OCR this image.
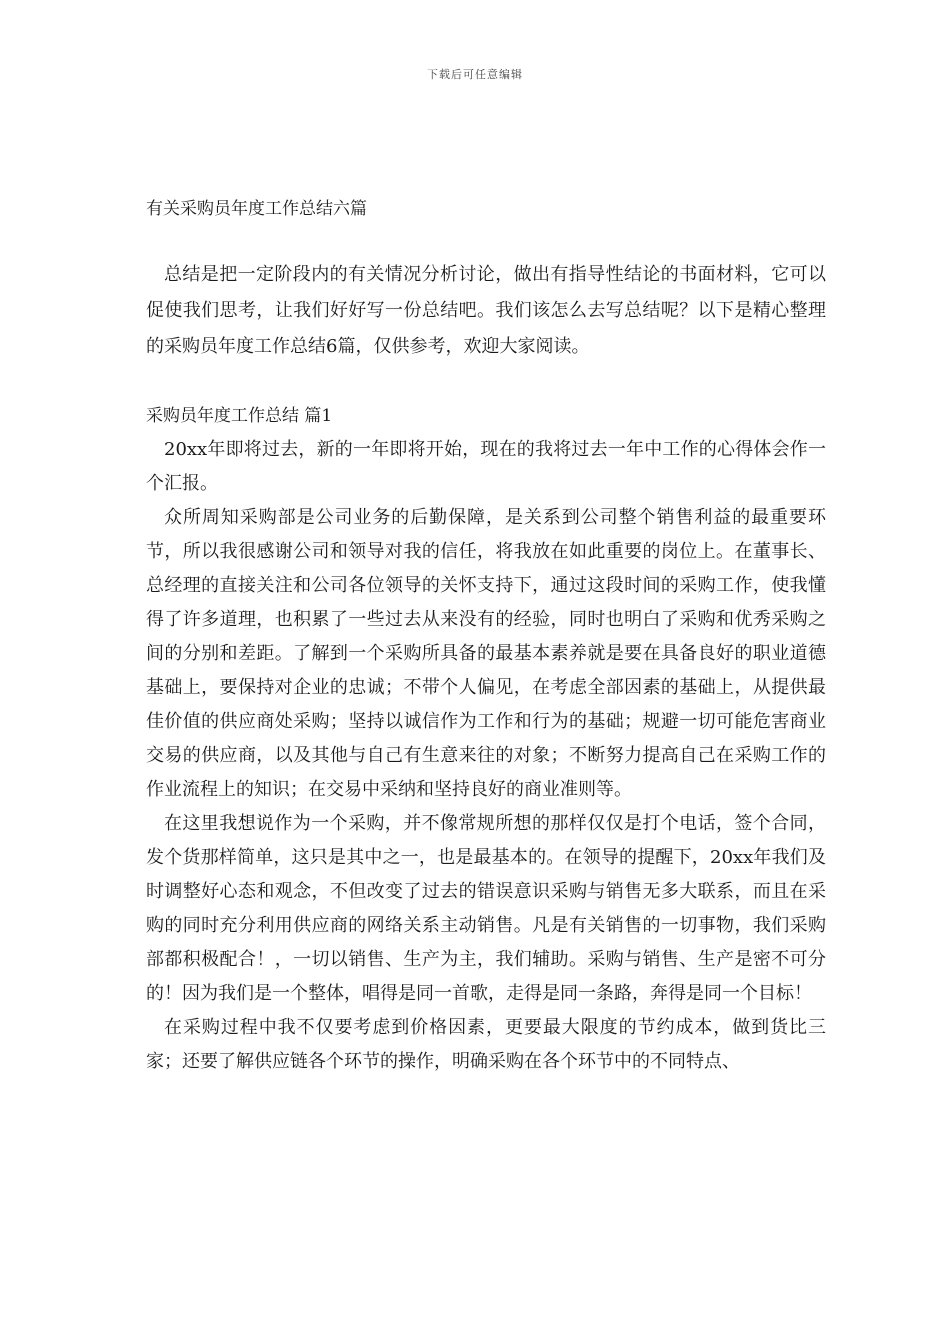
下载后可任意编辑
有关采购员年度工作总结六篇

总结是把一定阶段内的有关情况分析讨论，做出有指导性结论的书面材料，它可以促使我们思考，让我们好好写一份总结吧。我们该怎么去写总结呢？以下是精心整理的采购员年度工作总结6篇，仅供参考，欢迎大家阅读。

采购员年度工作总结 篇1

20xx年即将过去，新的一年即将开始，现在的我将过去一年中工作的心得体会作一个汇报。

众所周知采购部是公司业务的后勤保障，是关系到公司整个销售利益的最重要环节，所以我很感谢公司和领导对我的信任，将我放在如此重要的岗位上。在董事长、总经理的直接关注和公司各位领导的关怀支持下，通过这段时间的采购工作，使我懂得了许多道理，也积累了一些过去从来没有的经验，同时也明白了采购和优秀采购之间的分别和差距。了解到一个采购所具备的最基本素养就是要在具备良好的职业道德基础上，要保持对企业的忠诚；不带个人偏见，在考虑全部因素的基础上，从提供最佳价值的供应商处采购；坚持以诚信作为工作和行为的基础；规避一切可能危害商业交易的供应商，以及其他与自己有生意来往的对象；不断努力提高自己在采购工作的作业流程上的知识；在交易中采纳和坚持良好的商业准则等。

在这里我想说作为一个采购，并不像常规所想的那样仅仅是打个电话，签个合同，发个货那样简单，这只是其中之一，也是最基本的。在领导的提醒下，20xx年我们及时调整好心态和观念，不但改变了过去的错误意识采购与销售无多大联系，而且在采购的同时充分利用供应商的网络关系主动销售。凡是有关销售的一切事物，我们采购部都积极配合！，一切以销售、生产为主，我们辅助。采购与销售、生产是密不可分的！因为我们是一个整体，唱得是同一首歌，走得是同一条路，奔得是同一个目标！

在采购过程中我不仅要考虑到价格因素，更要最大限度的节约成本，做到货比三家；还要了解供应链各个环节的操作，明确采购在各个环节中的不同特点、
